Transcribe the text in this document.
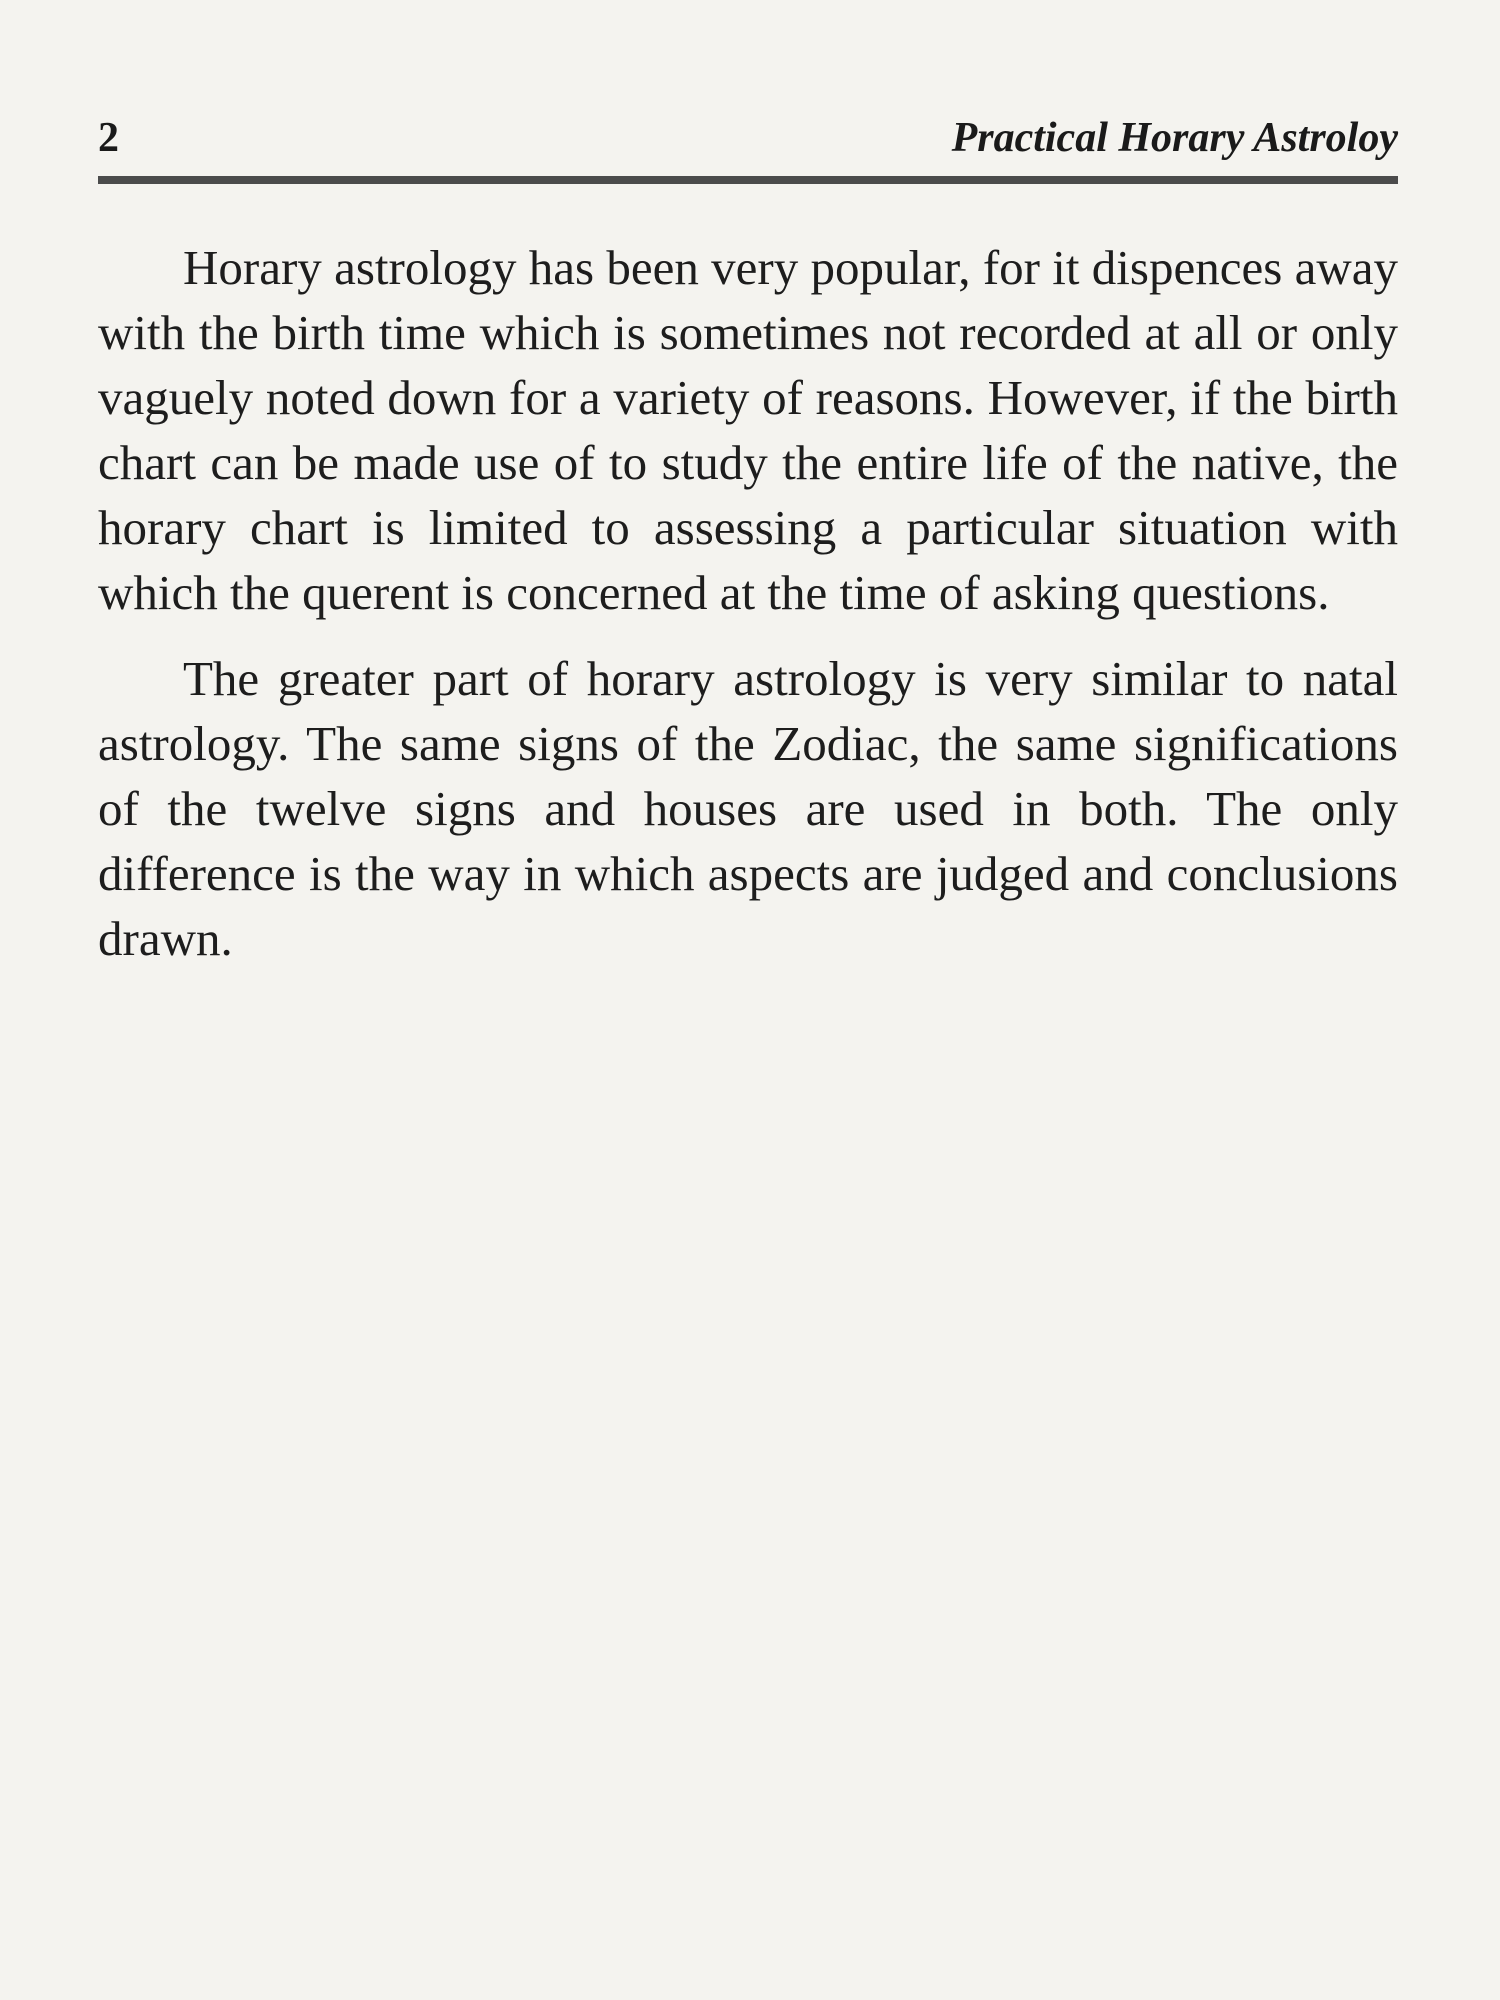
2	Practical Horary Astroloy

Horary astrology has been very popular, for it dispences away with the birth time which is sometimes not recorded at all or only vaguely noted down for a variety of reasons. However, if the birth chart can be made use of to study the entire life of the native, the horary chart is limited to assessing a particular situation with which the querent is concerned at the time of asking questions.

The greater part of horary astrology is very similar to natal astrology. The same signs of the Zodiac, the same significations of the twelve signs and houses are used in both. The only difference is the way in which aspects are judged and conclusions drawn.
